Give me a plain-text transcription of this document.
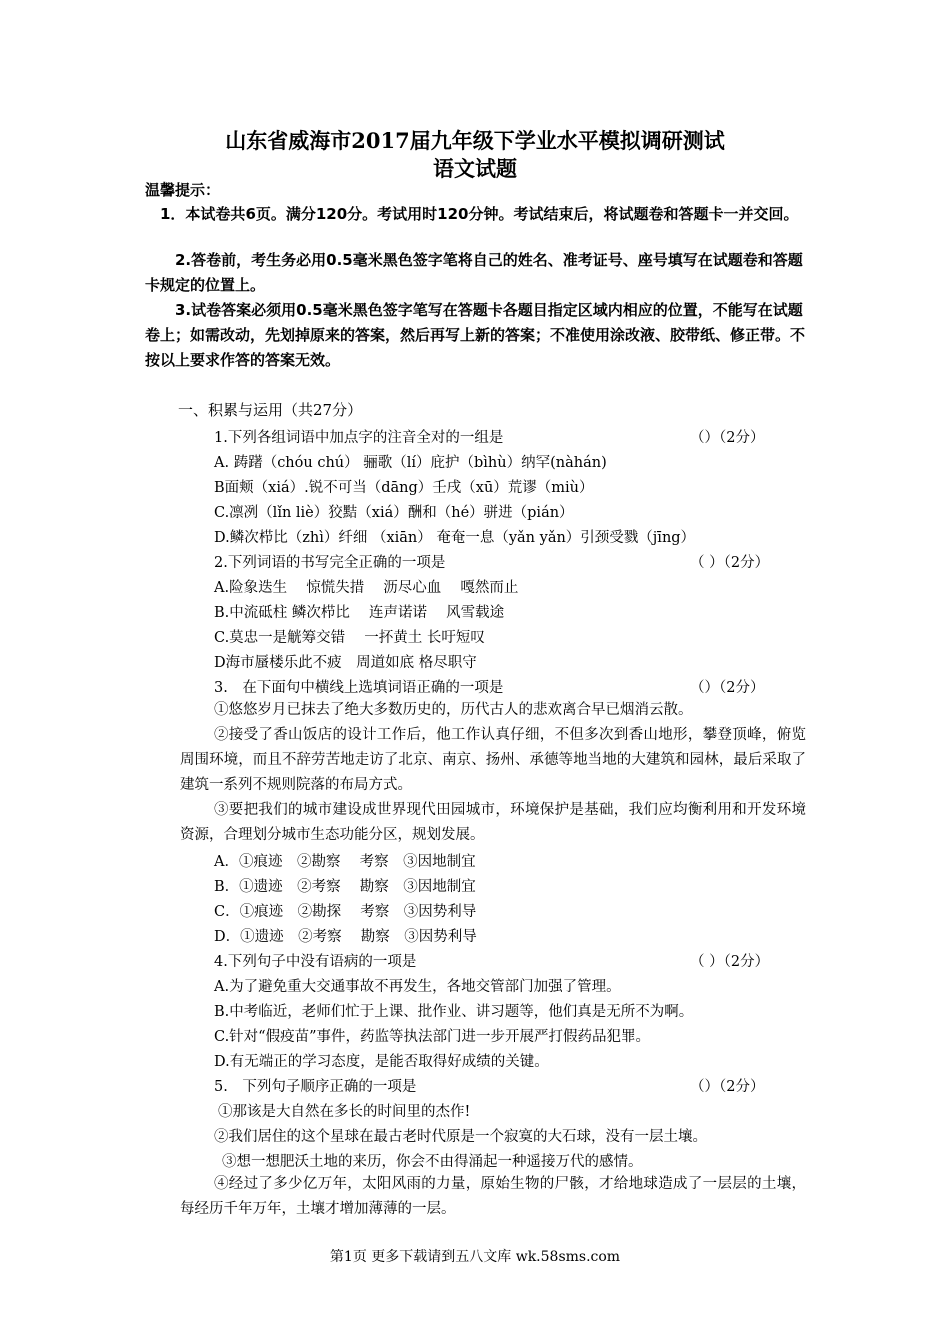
山东省威海市2017届九年级下学业水平模拟调研测试
语文试题
温馨提示：
1．本试卷共6页。满分120分。考试用时120分钟。考试结束后，将试题卷和答题卡一并交回。
2.答卷前，考生务必用0.5毫米黑色签字笔将自己的姓名、准考证号、座号填写在试题卷和答题卡规定的位置上。
3.试卷答案必须用0.5毫米黑色签字笔写在答题卡各题目指定区域内相应的位置，不能写在试题卷上；如需改动，先划掉原来的答案，然后再写上新的答案；不准使用涂改液、胶带纸、修正带。不按以上要求作答的答案无效。
一、积累与运用（共27分）
1.下列各组词语中加点字的注音全对的一组是	（）（2分）
A. 踌躇（chóu chú） 骊歌（lí）庇护（bìhù）纳罕(nàhán)
B面颊（xiá）.锐不可当（dāng）壬戌（xū）荒谬（miù）
C.凛冽（lǐn liè）狡黠（xiá）酬和（hé）骈进（pián）
D.鳞次栉比（zhì）纤细 （xiān） 奄奄一息（yǎn yǎn）引颈受戮（jīng）
2.下列词语的书写完全正确的一项是	（ ）（2分）
A.险象迭生　 惊慌失措　 沥尽心血　 嘎然而止
B.中流砥柱 鳞次栉比　 连声诺诺　 风雪载途
C.莫忠一是觥筹交错　 一抔黄土 长吁短叹
D海市蜃楼乐此不疲　周道如底 格尽职守
3.　在下面句中横线上选填词语正确的一项是	（）（2分）
①悠悠岁月已抹去了绝大多数历史的，历代古人的悲欢离合早已烟消云散。
②接受了香山饭店的设计工作后，他工作认真仔细，不但多次到香山地形，攀登顶峰，俯览周围环境，而且不辞劳苦地走访了北京、南京、扬州、承德等地当地的大建筑和园林，最后采取了建筑一系列不规则院落的布局方式。
③要把我们的城市建设成世界现代田园城市，环境保护是基础，我们应均衡利用和开发环境资源，合理划分城市生态功能分区，规划发展。
A．①痕迹　②勘察　 考察　③因地制宜
B．①遗迹　②考察　 勘察　③因地制宜
C．①痕迹　②勘探　 考察　③因势利导
D．①遗迹　②考察　 勘察　③因势利导
4.下列句子中没有语病的一项是	（ ）（2分）
A.为了避免重大交通事故不再发生，各地交管部门加强了管理。
B.中考临近，老师们忙于上课、批作业、讲习题等，他们真是无所不为啊。
C.针对“假疫苗”事件，药监等执法部门进一步开展严打假药品犯罪。
D.有无端正的学习态度，是能否取得好成绩的关键。
5.　下列句子顺序正确的一项是	（）（2分）
①那该是大自然在多长的时间里的杰作!
②我们居住的这个星球在最古老时代原是一个寂寞的大石球，没有一层土壤。
③想一想肥沃土地的来历，你会不由得涌起一种遥接万代的感情。
④经过了多少亿万年，太阳风雨的力量，原始生物的尸骸，才给地球造成了一层层的土壤，每经历千年万年，土壤才增加薄薄的一层。
第1页 更多下载请到五八文库 wk.58sms.com
